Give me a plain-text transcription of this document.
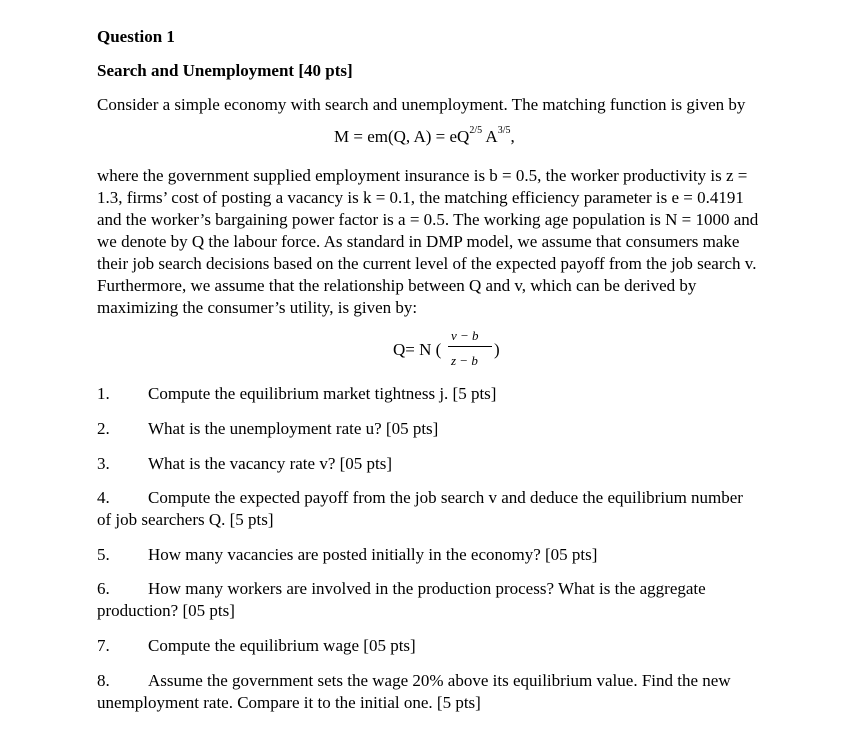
Question 1
Search and Unemployment [40 pts]
Consider a simple economy with search and unemployment. The matching function is given by
M = em(Q, $A) = eQ^{2/5}$ $A^{3/5}$,
where the government supplied employment insurance is b = 0.5, the worker productivity is z =
1.3, firms’ cost of posting a vacancy is k = 0.1, the matching efficiency parameter is e = 0.4191
and the worker’s bargaining power factor is a = 0.5. The working age population is N = 1000 and
we denote by Q the labour force. As standard in DMP model, we assume that consumers make
their job search decisions based on the current level of the expected payoff from the job search v.
Furthermore, we assume that the relationship between Q and v, which can be derived by
maximizing the consumer’s utility, is given by:
Q= N (
v − b
z − b
)
1. Compute the equilibrium market tightness j. [5 pts]
2. What is the unemployment rate u? [05 pts]
3. What is the vacancy rate v? [05 pts]
4. Compute the expected payoff from the job search v and deduce the equilibrium number
of job searchers Q. [5 pts]
5. How many vacancies are posted initially in the economy? [05 pts]
6. How many workers are involved in the production process? What is the aggregate
production? [05 pts]
7. Compute the equilibrium wage [05 pts]
8. Assume the government sets the wage 20% above its equilibrium value. Find the new
unemployment rate. Compare it to the initial one. [5 pts]
